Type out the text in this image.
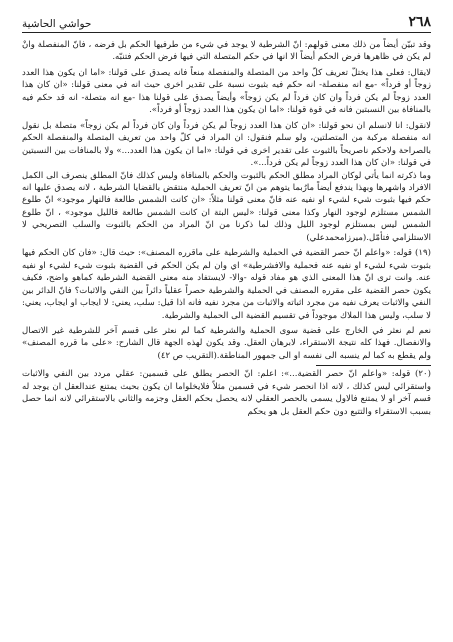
٢٦٨
حواشي الحاشية

وقد تبيّن أيضاً من ذلك معنى قولهم: انّ الشرطية لا يوجد في شيء من طرفيها الحكم بل فرضه ، فانّ المنفصلة وانْ لم يكن في ظاهرها فرض الحكم أيضاً الا انها في حكم المتصلة التي فيها فرض الحكم فتنبّه.

لايقال: فعلى هذا يختلّ تعريف كلّ واحد من المتصلة والمنفصلة منعاً فانه يصدق على قولنا: «اما ان يكون هذا العدد زوجاً أو فرداً» -مع انه منفصلة- انه حكم فيه بثبوت نسبة على تقدير اخرى حيث انه في معنى قولنا: «ان كان هذا العدد زوجاً لم يكن فرداً وان كان فرداً لم يكن زوجاً» وأيضاً يصدق على قولنا هذا -مع انه متصلة- انه قد حكم فيه بالمنافاة بين النسبتين فانه في قوة قولنا: «اما ان يكون هذا العدد زوجاً أو فرداً».

لانقول: انا لانسلم ان نحو قولنا: «ان كان هذا العدد زوجاً لم يكن فرداً وان كان فرداً لم يكن زوجاً» متصلة بل نقول انه منفصلة مركبة من المتصلتين، ولو سلم فنقول: ان المراد في كلّ واحد من تعريف المتصلة والمنفصلة الحكم بالصراحة ولاحكم ناصريحاً بالثبوت على تقدير اخرى في قولنا: «اما ان يكون هذا العدد...» ولا بالمنافات بين النسبتين في قولنا: «ان كان هذا العدد زوجاً لم يكن فرداً...».

وما ذكرته انما يأتي لوكان المراد مطلق الحكم بالثبوت والحكم بالمنافاة وليس كذلك فانّ المطلق ينصرف الى الكمل الافراد واشهرها وبهذا يندفع أيضاً مارُبما يتوهم من انّ تعريف الحملية منتقض بالقضايا الشرطية ، لانه يصدق عليها انه حكم فيها بثبوت شيء لشيء او نفيه عنه فانّ معنى قولنا مثلاً: «ان كانت الشمس طالعة فالنهار موجود» انّ طلوع الشمس مستلزم لوجود النهار وكذا معنى قولنا: «ليس البتة ان كانت الشمس طالعة فالليل موجود» ، انّ طلوع الشمس ليس بمستلزم لوجود الليل وذلك لما ذكرنا من انّ المراد من الحكم بالثبوت والسلب التصريحي لا الاستلزامي فتأمّل.(ميرزامحمدعلي)

(١٩) قوله: «واعلم انّ حصر القضية في الحملية والشرطية على ماقرره المصنف»: حيث قال: «فان كان الحكم فيها بثبوت شيء لشيء او نفيه عنه فحملية والافشرطية» اي وان لم يكن الحكم في القضية بثبوت شيء لشيء او نفيه عنه. وانت ترى انّ هذا المعنى الذي هو مفاد قوله -والا- لايستفاد منه معنى القضية الشرطية كماهو واضح، فكيف يكون حصر القضية على مقرره المصنف في الحملية والشرطية حصراً عقلياً دائراً بين النفي والاثبات؟ فانّ الدائر بين النفي والاثبات يعرف نفيه من مجرد اثباته والاثبات من مجرد نفيه فانه اذا قيل: سلب، يعني: لا ايجاب او ايجاب، يعني: لا سلب، وليس هذا الملاك موجوداً في تقسيم القضية الى الحملية والشرطية.

نعم لم نعثر في الخارج على قضية سوى الحملية والشرطية كما لم نعثر على قسم آخر للشرطية غير الاتصال والانفصال. فهذا كله نتيجة الاستقراء، لابرهان العقل. وقد يكون لهذه الجهة قال الشارح: «على ما قرره المصنف» ولم يقطع به كما لم ينسبه الى نفسه او الى جمهور المناطقة.(التقريب ص ٤٢)

(٢٠) قوله: «واعلم انّ حصر القضية...»: اعلم: انّ الحصر يطلق على قسمين: عقلي مردد بين النفي والاثبات واستقرائي ليس كذلك ، لانه اذا انحصر شيء في قسمين مثلاً فلايخلواما ان يكون بحيث يمتنع عندالعقل ان يوجد له قسم آخر او لا يمتنع فالاول يسمى بالحصر العقلي لانه يحصل بحكم العقل وجزمه والثاني بالاستقرائي لانه انما حصل بسبب الاستقراء والتتبع دون حكم العقل بل هو يحكم
